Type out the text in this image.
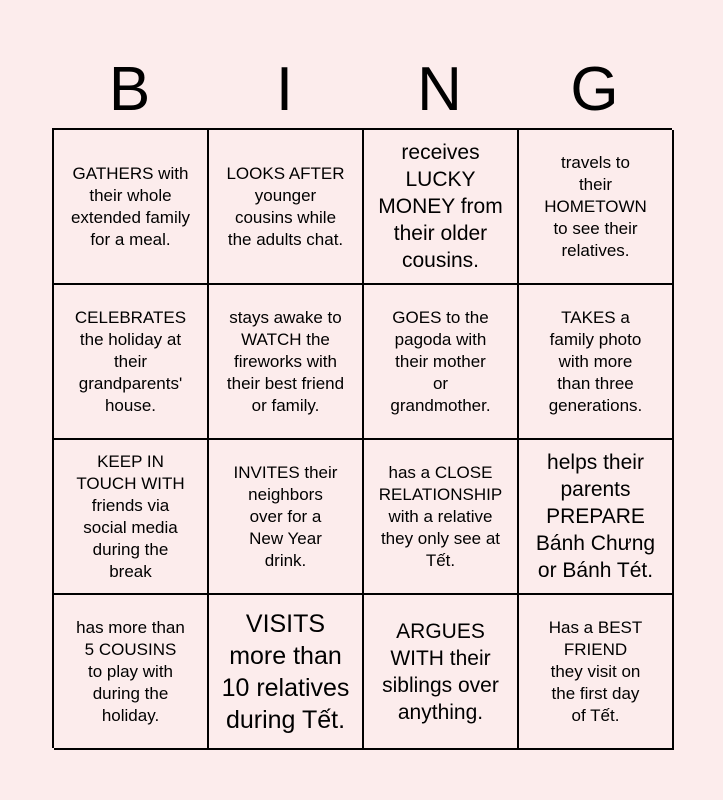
B	I	N	G
GATHERS with
their whole
extended family
for a meal.
LOOKS AFTER
younger
cousins while
the adults chat.
receives
LUCKY
MONEY from
their older
cousins.
travels to
their
HOMETOWN
to see their
relatives.
CELEBRATES
the holiday at
their
grandparents'
house.
stays awake to
WATCH the
fireworks with
their best friend
or family.
GOES to the
pagoda with
their mother
or
grandmother.
TAKES a
family photo
with more
than three
generations.
KEEP IN
TOUCH WITH
friends via
social media
during the
break
INVITES their
neighbors
over for a
New Year
drink.
has a CLOSE
RELATIONSHIP
with a relative
they only see at
Tết.
helps their
parents
PREPARE
Bánh Chưng
or Bánh Tét.
has more than
5 COUSINS
to play with
during the
holiday.
VISITS
more than
10 relatives
during Tết.
ARGUES
WITH their
siblings over
anything.
Has a BEST
FRIEND
they visit on
the first day
of Tết.
